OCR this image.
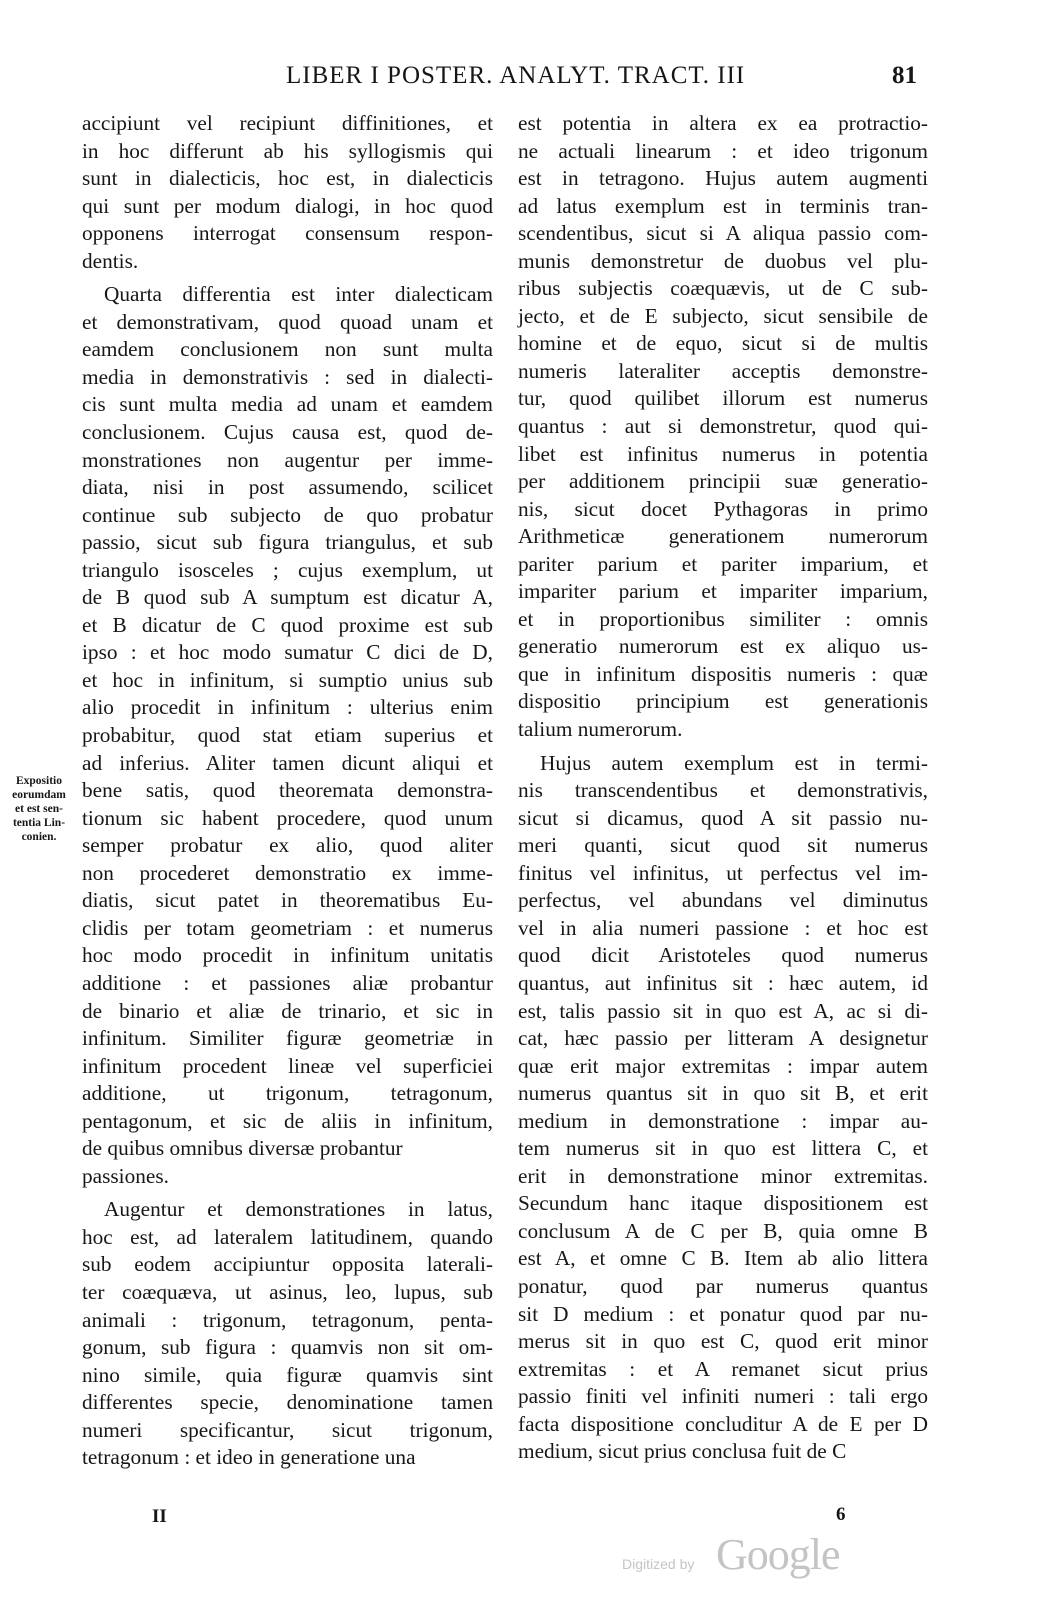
LIBER I POSTER. ANALYT. TRACT. III	81
Expositio
eorumdam
et est sen-
tentia Lin-
conien.
accipiunt vel recipiunt diffinitiones, et
in hoc differunt ab his syllogismis qui
sunt in dialecticis, hoc est, in dialecticis
qui sunt per modum dialogi, in hoc quod
opponens interrogat consensum respon-
dentis.
Quarta differentia est inter dialecticam
et demonstrativam, quod quoad unam et
eamdem conclusionem non sunt multa
media in demonstrativis : sed in dialecti-
cis sunt multa media ad unam et eamdem
conclusionem. Cujus causa est, quod de-
monstrationes non augentur per imme-
diata, nisi in post assumendo, scilicet
continue sub subjecto de quo probatur
passio, sicut sub figura triangulus, et sub
triangulo isosceles ; cujus exemplum, ut
de B quod sub A sumptum est dicatur A,
et B dicatur de C quod proxime est sub
ipso : et hoc modo sumatur C dici de D,
et hoc in infinitum, si sumptio unius sub
alio procedit in infinitum : ulterius enim
probabitur, quod stat etiam superius et
ad inferius. Aliter tamen dicunt aliqui et
bene satis, quod theoremata demonstra-
tionum sic habent procedere, quod unum
semper probatur ex alio, quod aliter
non procederet demonstratio ex imme-
diatis, sicut patet in theorematibus Eu-
clidis per totam geometriam : et numerus
hoc modo procedit in infinitum unitatis
additione : et passiones aliæ probantur
de binario et aliæ de trinario, et sic in
infinitum. Similiter figuræ geometriæ in
infinitum procedent lineæ vel superficiei
additione, ut trigonum, tetragonum,
pentagonum, et sic de aliis in infinitum,
de quibus omnibus diversæ probantur
passiones.
Augentur et demonstrationes in latus,
hoc est, ad lateralem latitudinem, quando
sub eodem accipiuntur opposita laterali-
ter coæquæva, ut asinus, leo, lupus, sub
animali : trigonum, tetragonum, penta-
gonum, sub figura : quamvis non sit om-
nino simile, quia figuræ quamvis sint
differentes specie, denominatione tamen
numeri specificantur, sicut trigonum,
tetragonum : et ideo in generatione una
est potentia in altera ex ea protractio-
ne actuali linearum : et ideo trigonum
est in tetragono. Hujus autem augmenti
ad latus exemplum est in terminis tran-
scendentibus, sicut si A aliqua passio com-
munis demonstretur de duobus vel plu-
ribus subjectis coæquævis, ut de C sub-
jecto, et de E subjecto, sicut sensibile de
homine et de equo, sicut si de multis
numeris lateraliter acceptis demonstre-
tur, quod quilibet illorum est numerus
quantus : aut si demonstretur, quod qui-
libet est infinitus numerus in potentia
per additionem principii suæ generatio-
nis, sicut docet Pythagoras in primo
Arithmeticæ generationem numerorum
pariter parium et pariter imparium, et
impariter parium et impariter imparium,
et in proportionibus similiter : omnis
generatio numerorum est ex aliquo us-
que in infinitum dispositis numeris : quæ
dispositio principium est generationis
talium numerorum.
Hujus autem exemplum est in termi-
nis transcendentibus et demonstrativis,
sicut si dicamus, quod A sit passio nu-
meri quanti, sicut quod sit numerus
finitus vel infinitus, ut perfectus vel im-
perfectus, vel abundans vel diminutus
vel in alia numeri passione : et hoc est
quod dicit Aristoteles quod numerus
quantus, aut infinitus sit : hæc autem, id
est, talis passio sit in quo est A, ac si di-
cat, hæc passio per litteram A designetur
quæ erit major extremitas : impar autem
numerus quantus sit in quo sit B, et erit
medium in demonstratione : impar au-
tem numerus sit in quo est littera C, et
erit in demonstratione minor extremitas.
Secundum hanc itaque dispositionem est
conclusum A de C per B, quia omne B
est A, et omne C B. Item ab alio littera
ponatur, quod par numerus quantus
sit D medium : et ponatur quod par nu-
merus sit in quo est C, quod erit minor
extremitas : et A remanet sicut prius
passio finiti vel infiniti numeri : tali ergo
facta dispositione concluditur A de E per D
medium, sicut prius conclusa fuit de C
II	6
Digitized by Google
